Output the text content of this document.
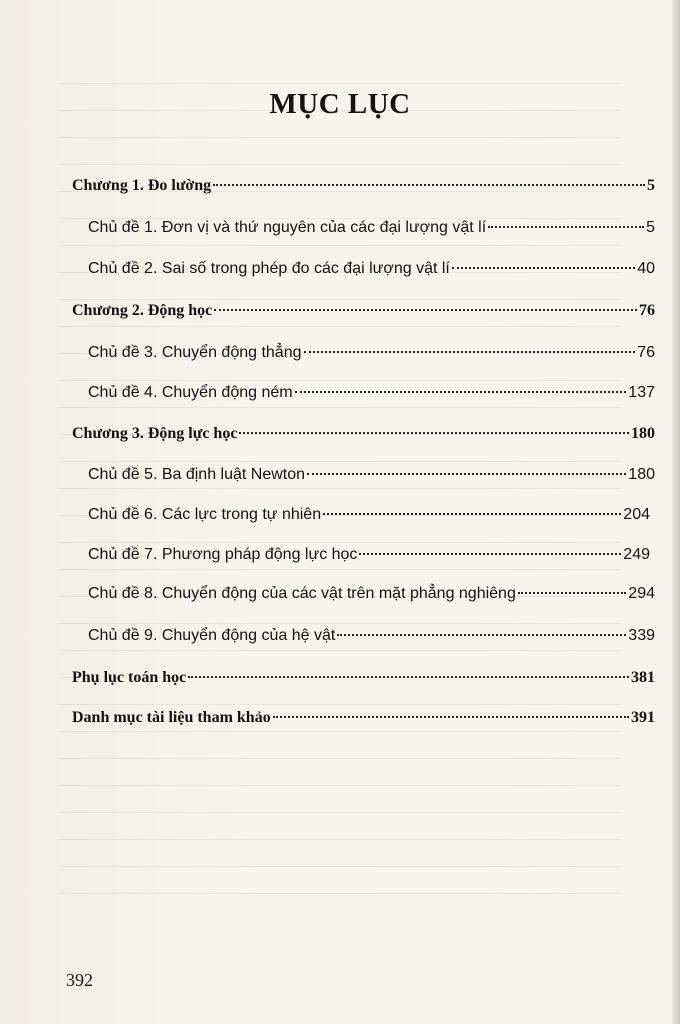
MỤC LỤC
Chương 1. Đo lường	5
Chủ đề 1. Đơn vị và thứ nguyên của các đại lượng vật lí	5
Chủ đề 2. Sai số trong phép đo các đại lượng vật lí	40
Chương 2. Động học	76
Chủ đề 3. Chuyển động thẳng	76
Chủ đề 4. Chuyển động ném	137
Chương 3. Động lực học	180
Chủ đề 5. Ba định luật Newton	180
Chủ đề 6. Các lực trong tự nhiên	204
Chủ đề 7. Phương pháp động lực học	249
Chủ đề 8. Chuyển động của các vật trên mặt phẳng nghiêng	294
Chủ đề 9. Chuyển động của hệ vật	339
Phụ lục toán học	381
Danh mục tài liệu tham khảo	391
392
